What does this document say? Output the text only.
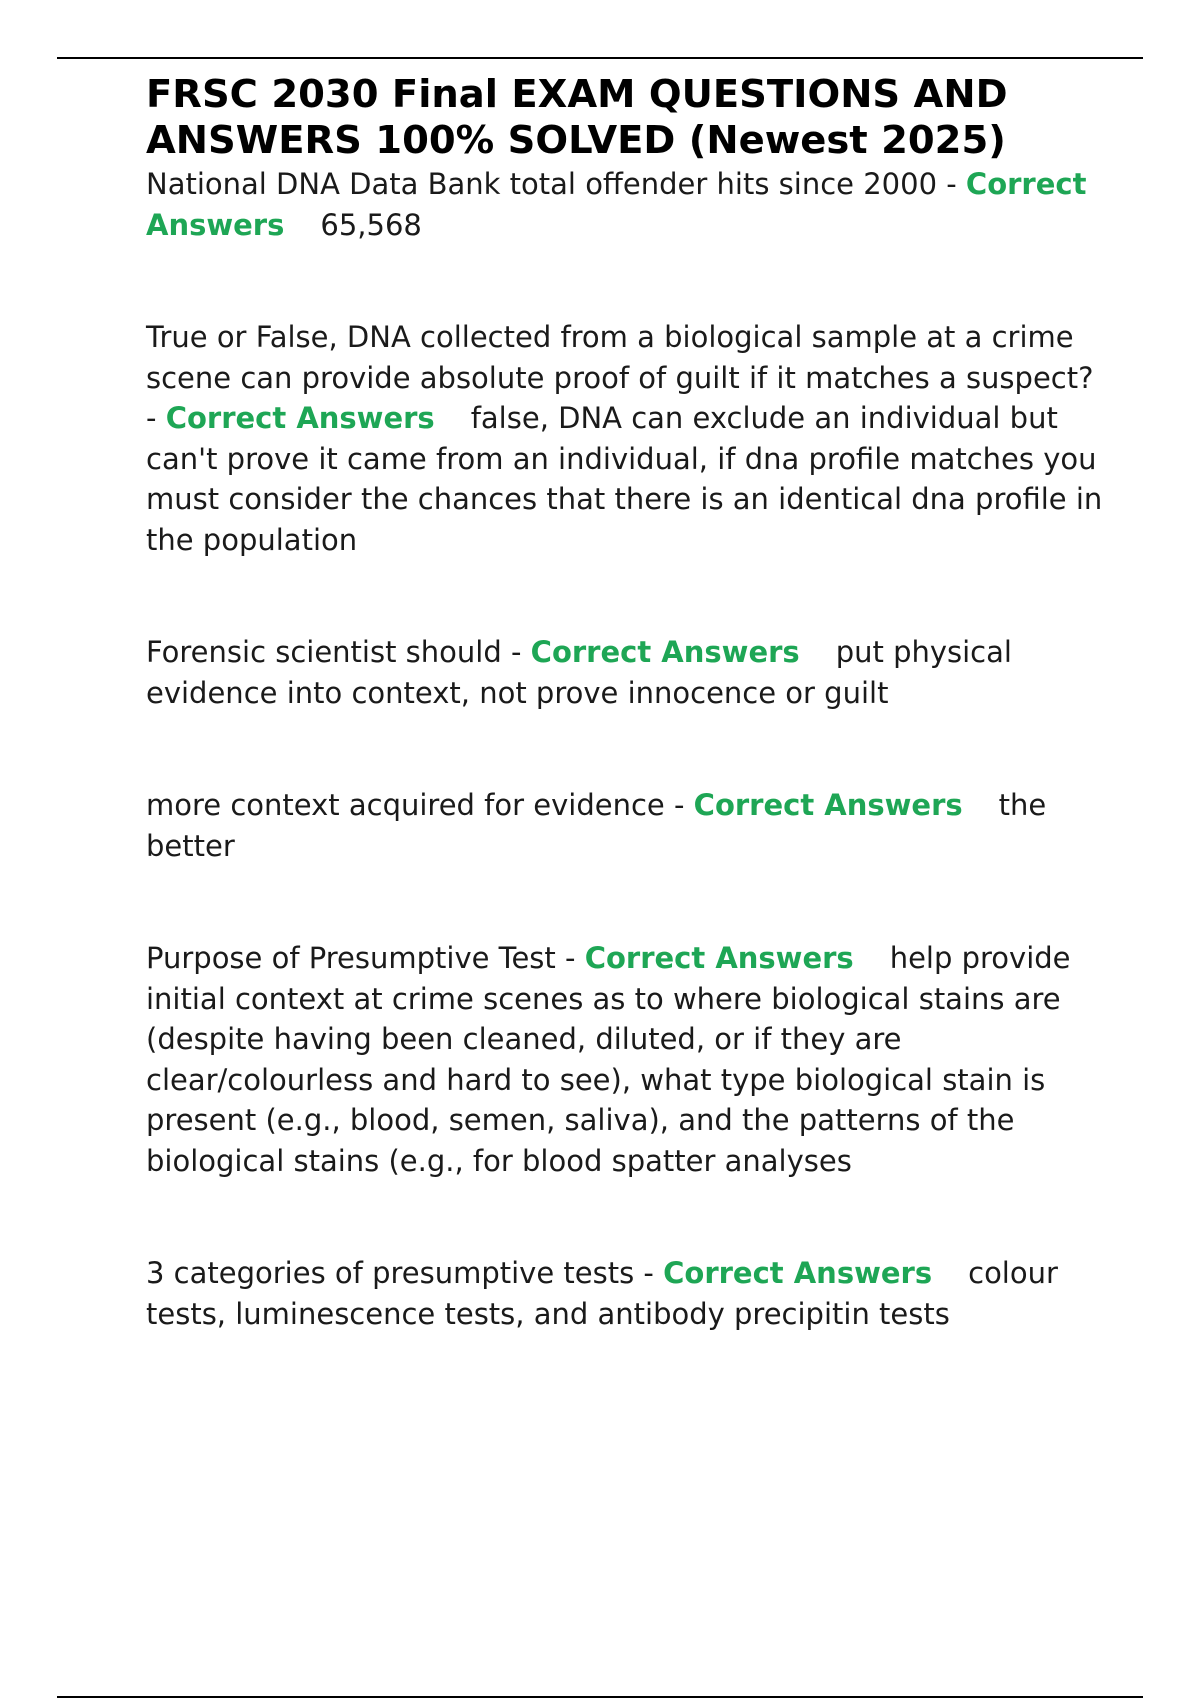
FRSC 2030 Final EXAM QUESTIONS AND ANSWERS 100% SOLVED (Newest 2025)

National DNA Data Bank total offender hits since 2000 - Correct Answers 65,568

True or False, DNA collected from a biological sample at a crime scene can provide absolute proof of guilt if it matches a suspect? - Correct Answers false, DNA can exclude an individual but can't prove it came from an individual, if dna profile matches you must consider the chances that there is an identical dna profile in the population

Forensic scientist should - Correct Answers put physical evidence into context, not prove innocence or guilt

more context acquired for evidence - Correct Answers the better

Purpose of Presumptive Test - Correct Answers help provide initial context at crime scenes as to where biological stains are (despite having been cleaned, diluted, or if they are clear/colourless and hard to see), what type biological stain is present (e.g., blood, semen, saliva), and the patterns of the biological stains (e.g., for blood spatter analyses

3 categories of presumptive tests - Correct Answers colour tests, luminescence tests, and antibody precipitin tests
